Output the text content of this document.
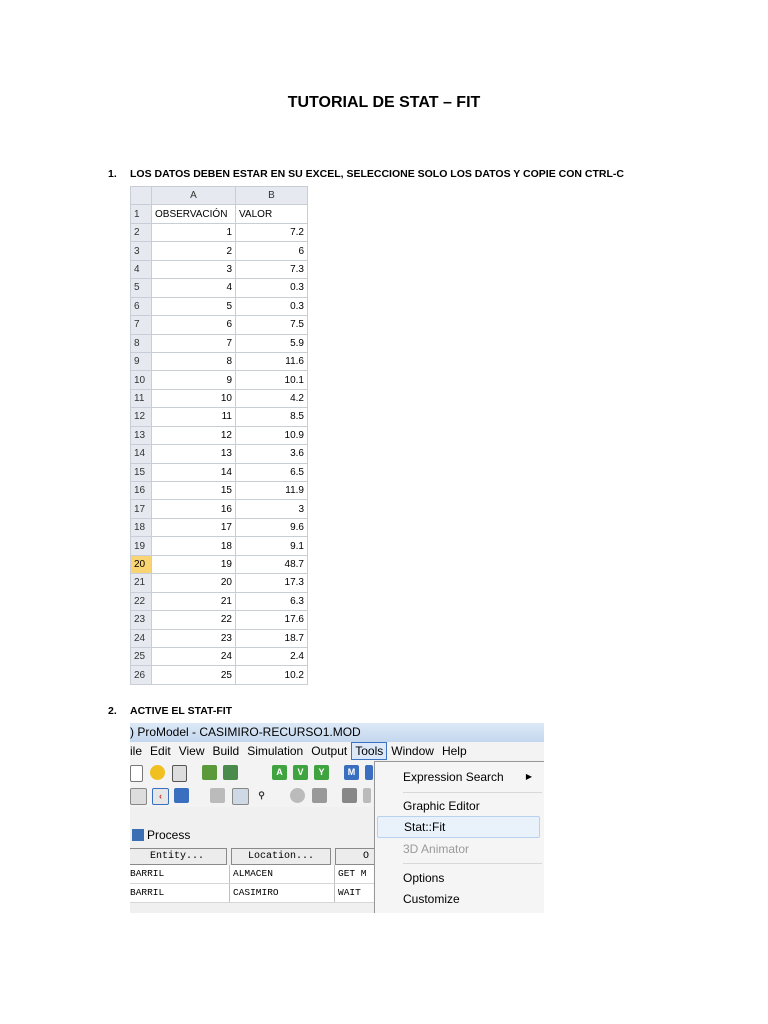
TUTORIAL DE STAT – FIT
1. LOS DATOS DEBEN ESTAR EN SU EXCEL, SELECCIONE SOLO LOS DATOS Y COPIE CON CTRL-C
	A	B
1	OBSERVACIÓN	VALOR
2	1	7.2
3	2	6
4	3	7.3
5	4	0.3
6	5	0.3
7	6	7.5
8	7	5.9
9	8	11.6
10	9	10.1
11	10	4.2
12	11	8.5
13	12	10.9
14	13	3.6
15	14	6.5
16	15	11.9
17	16	3
18	17	9.6
19	18	9.1
20	19	48.7
21	20	17.3
22	21	6.3
23	22	17.6
24	23	18.7
25	24	2.4
26	25	10.2
2. ACTIVE EL STAT-FIT
) ProModel - CASIMIRO-RECURSO1.MOD
ile Edit View Build Simulation Output Tools Window Help
A	V	Y	M
‹	⚲
Process
Entity...	Location...	O
BARRIL	ALMACEN	GET M
BARRIL	CASIMIRO	WAIT
Expression Search	▶
Graphic Editor
Stat::Fit
3D Animator
Options
Customize
